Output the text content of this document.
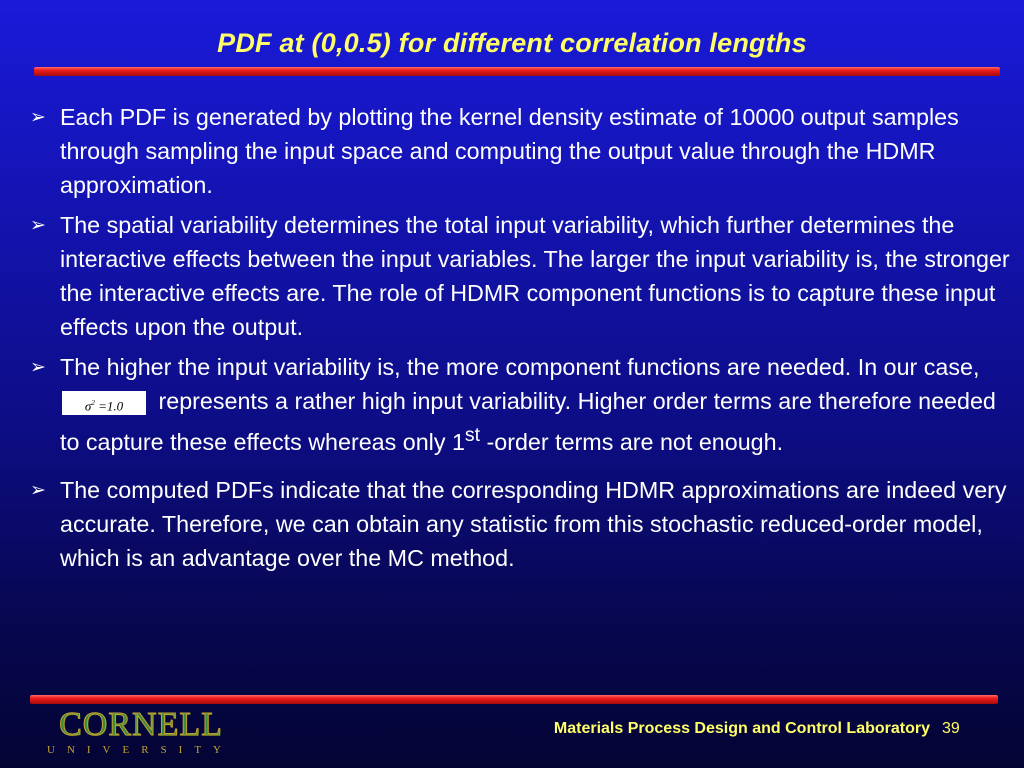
PDF at (0,0.5) for different correlation lengths
➢ Each PDF is generated by plotting the kernel density estimate of 10000 output samples through sampling the input space and computing the output value through the HDMR approximation.
➢ The spatial variability determines the total input variability, which further determines the interactive effects between the input variables. The larger the input variability is, the stronger the interactive effects are. The role of HDMR component functions is to capture these input effects upon the output.
➢ The higher the input variability is, the more component functions are needed. In our case, $\sigma^2 =1.0$ represents a rather high input variability. Higher order terms are therefore needed to capture these effects whereas only 1st -order terms are not enough.
➢ The computed PDFs indicate that the corresponding HDMR approximations are indeed very accurate. Therefore, we can obtain any statistic from this stochastic reduced-order model, which is an advantage over the MC method.
CORNELL
UNIVERSITY
Materials Process Design and Control Laboratory 39
